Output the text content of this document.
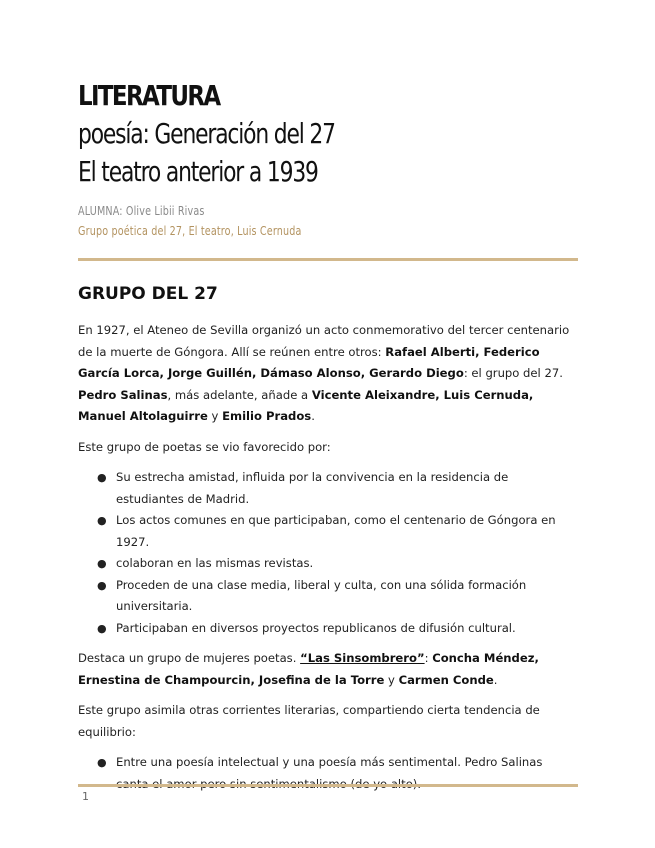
LITERATURA
poesía: Generación del 27
El teatro anterior a 1939

ALUMNA: Olive Libii Rivas

Grupo poética del 27, El teatro, Luis Cernuda

GRUPO DEL 27

En 1927, el Ateneo de Sevilla organizó un acto conmemorativo del tercer centenario de la muerte de Góngora. Allí se reúnen entre otros: Rafael Alberti, Federico García Lorca, Jorge Guillén, Dámaso Alonso, Gerardo Diego: el grupo del 27. Pedro Salinas, más adelante, añade a Vicente Aleixandre, Luis Cernuda, Manuel Altolaguirre y Emilio Prados.

Este grupo de poetas se vio favorecido por:

● Su estrecha amistad, influida por la convivencia en la residencia de estudiantes de Madrid.
● Los actos comunes en que participaban, como el centenario de Góngora en 1927.
● colaboran en las mismas revistas.
● Proceden de una clase media, liberal y culta, con una sólida formación universitaria.
● Participaban en diversos proyectos republicanos de difusión cultural.

Destaca un grupo de mujeres poetas. “Las Sinsombrero”: Concha Méndez, Ernestina de Champourcin, Josefina de la Torre y Carmen Conde.

Este grupo asimila otras corrientes literarias, compartiendo cierta tendencia de equilibrio:

● Entre una poesía intelectual y una poesía más sentimental. Pedro Salinas
1
